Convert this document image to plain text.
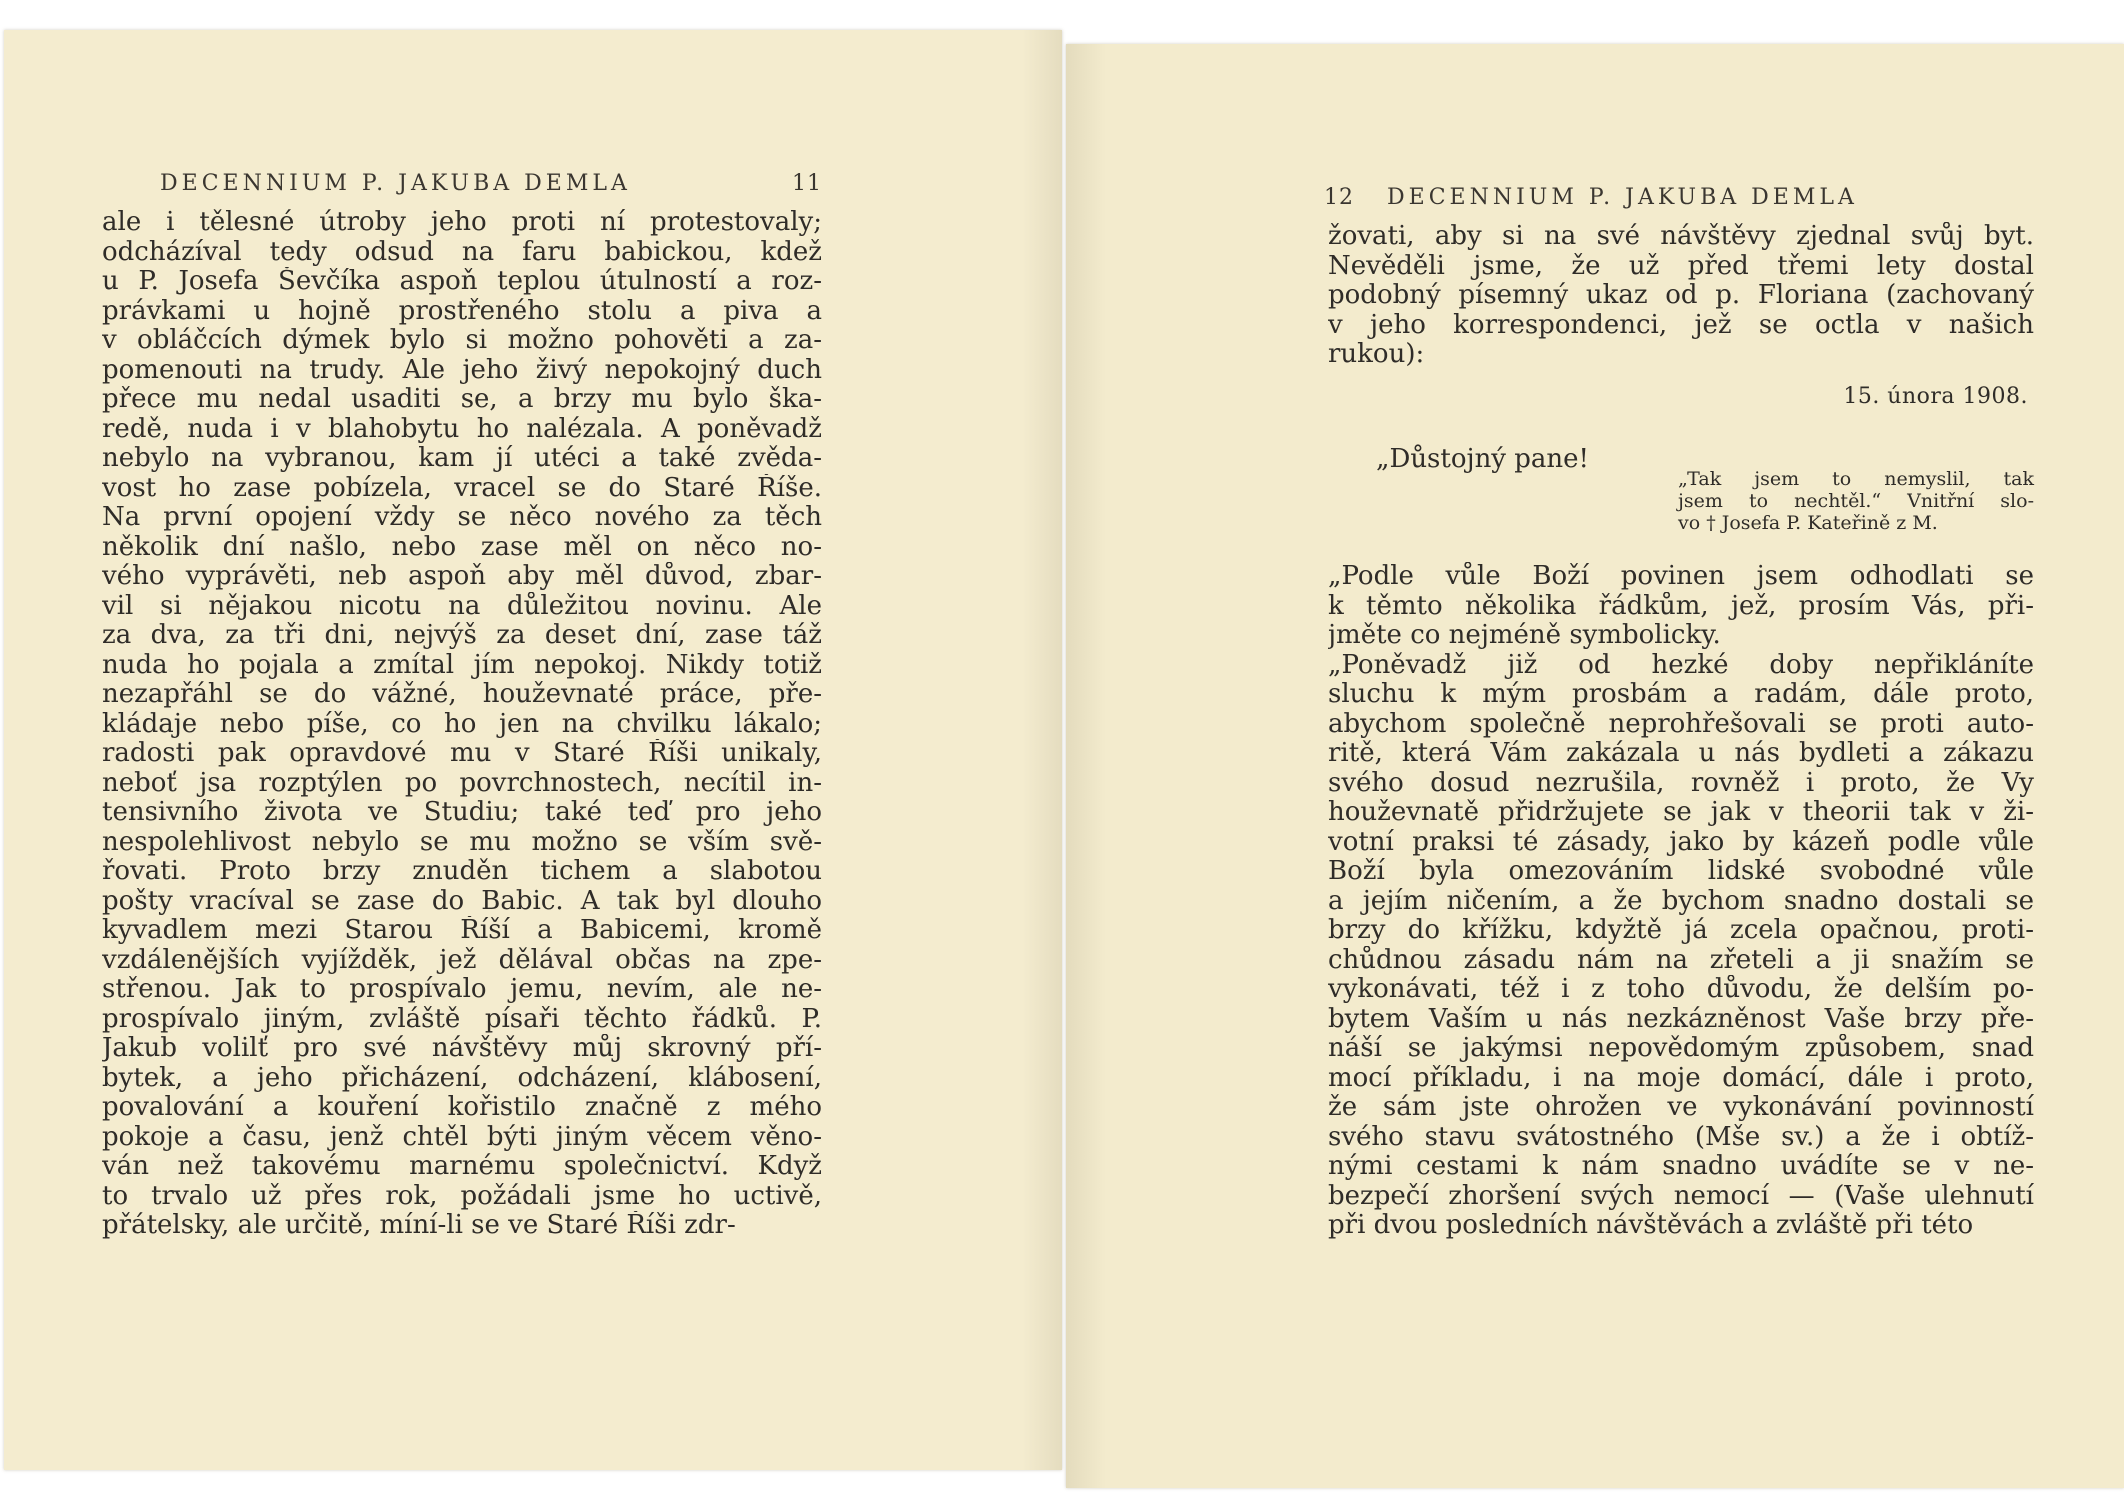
DECENNIUM P. JAKUBA DEMLA	11
ale i tělesné útroby jeho proti ní protestovaly;
odcházíval tedy odsud na faru babickou, kdež
u P. Josefa Ševčíka aspoň teplou útulností a roz-
právkami u hojně prostřeného stolu a piva a
v obláčcích dýmek bylo si možno pohověti a za-
pomenouti na trudy. Ale jeho živý nepokojný duch
přece mu nedal usaditi se, a brzy mu bylo ška-
redě, nuda i v blahobytu ho nalézala. A poněvadž
nebylo na vybranou, kam jí utéci a také zvěda-
vost ho zase pobízela, vracel se do Staré Říše.
Na první opojení vždy se něco nového za těch
několik dní našlo, nebo zase měl on něco no-
vého vyprávěti, neb aspoň aby měl důvod, zbar-
vil si nějakou nicotu na důležitou novinu. Ale
za dva, za tři dni, nejvýš za deset dní, zase táž
nuda ho pojala a zmítal jím nepokoj. Nikdy totiž
nezapřáhl se do vážné, houževnaté práce, pře-
kládaje nebo píše, co ho jen na chvilku lákalo;
radosti pak opravdové mu v Staré Říši unikaly,
neboť jsa rozptýlen po povrchnostech, necítil in-
tensivního života ve Studiu; také teď pro jeho
nespolehlivost nebylo se mu možno se vším svě-
řovati. Proto brzy znuděn tichem a slabotou
pošty vracíval se zase do Babic. A tak byl dlouho
kyvadlem mezi Starou Říší a Babicemi, kromě
vzdálenějších vyjížděk, jež dělával občas na zpe-
střenou. Jak to prospívalo jemu, nevím, ale ne-
prospívalo jiným, zvláště písaři těchto řádků. P.
Jakub volilť pro své návštěvy můj skrovný pří-
bytek, a jeho přicházení, odcházení, klábosení,
povalování a kouření kořistilo značně z mého
pokoje a času, jenž chtěl býti jiným věcem věno-
ván než takovému marnému společnictví. Když
to trvalo už přes rok, požádali jsme ho uctivě,
přátelsky, ale určitě, míní-li se ve Staré Říši zdr-
12 DECENNIUM P. JAKUBA DEMLA
žovati, aby si na své návštěvy zjednal svůj byt.
Nevěděli jsme, že už před třemi lety dostal
podobný písemný ukaz od p. Floriana (zachovaný
v jeho korrespondenci, jež se octla v našich
rukou):
15. února 1908.
„Důstojný pane!
„Tak jsem to nemyslil, tak
jsem to nechtěl.“ Vnitřní slo-
vo † Josefa P. Kateřině z M.
„Podle vůle Boží povinen jsem odhodlati se
k těmto několika řádkům, jež, prosím Vás, při-
jměte co nejméně symbolicky.
„Poněvadž již od hezké doby nepřikláníte
sluchu k mým prosbám a radám, dále proto,
abychom společně neprohřešovali se proti auto-
ritě, která Vám zakázala u nás bydleti a zákazu
svého dosud nezrušila, rovněž i proto, že Vy
houževnatě přidržujete se jak v theorii tak v ži-
votní praksi té zásady, jako by kázeň podle vůle
Boží byla omezováním lidské svobodné vůle
a jejím ničením, a že bychom snadno dostali se
brzy do křížku, kdyžtě já zcela opačnou, proti-
chůdnou zásadu nám na zřeteli a ji snažím se
vykonávati, též i z toho důvodu, že delším po-
bytem Vaším u nás nezkázněnost Vaše brzy pře-
náší se jakýmsi nepovědomým způsobem, snad
mocí příkladu, i na moje domácí, dále i proto,
že sám jste ohrožen ve vykonávání povinností
svého stavu svátostného (Mše sv.) a že i obtíž-
nými cestami k nám snadno uvádíte se v ne-
bezpečí zhoršení svých nemocí — (Vaše ulehnutí
při dvou posledních návštěvách a zvláště při této
